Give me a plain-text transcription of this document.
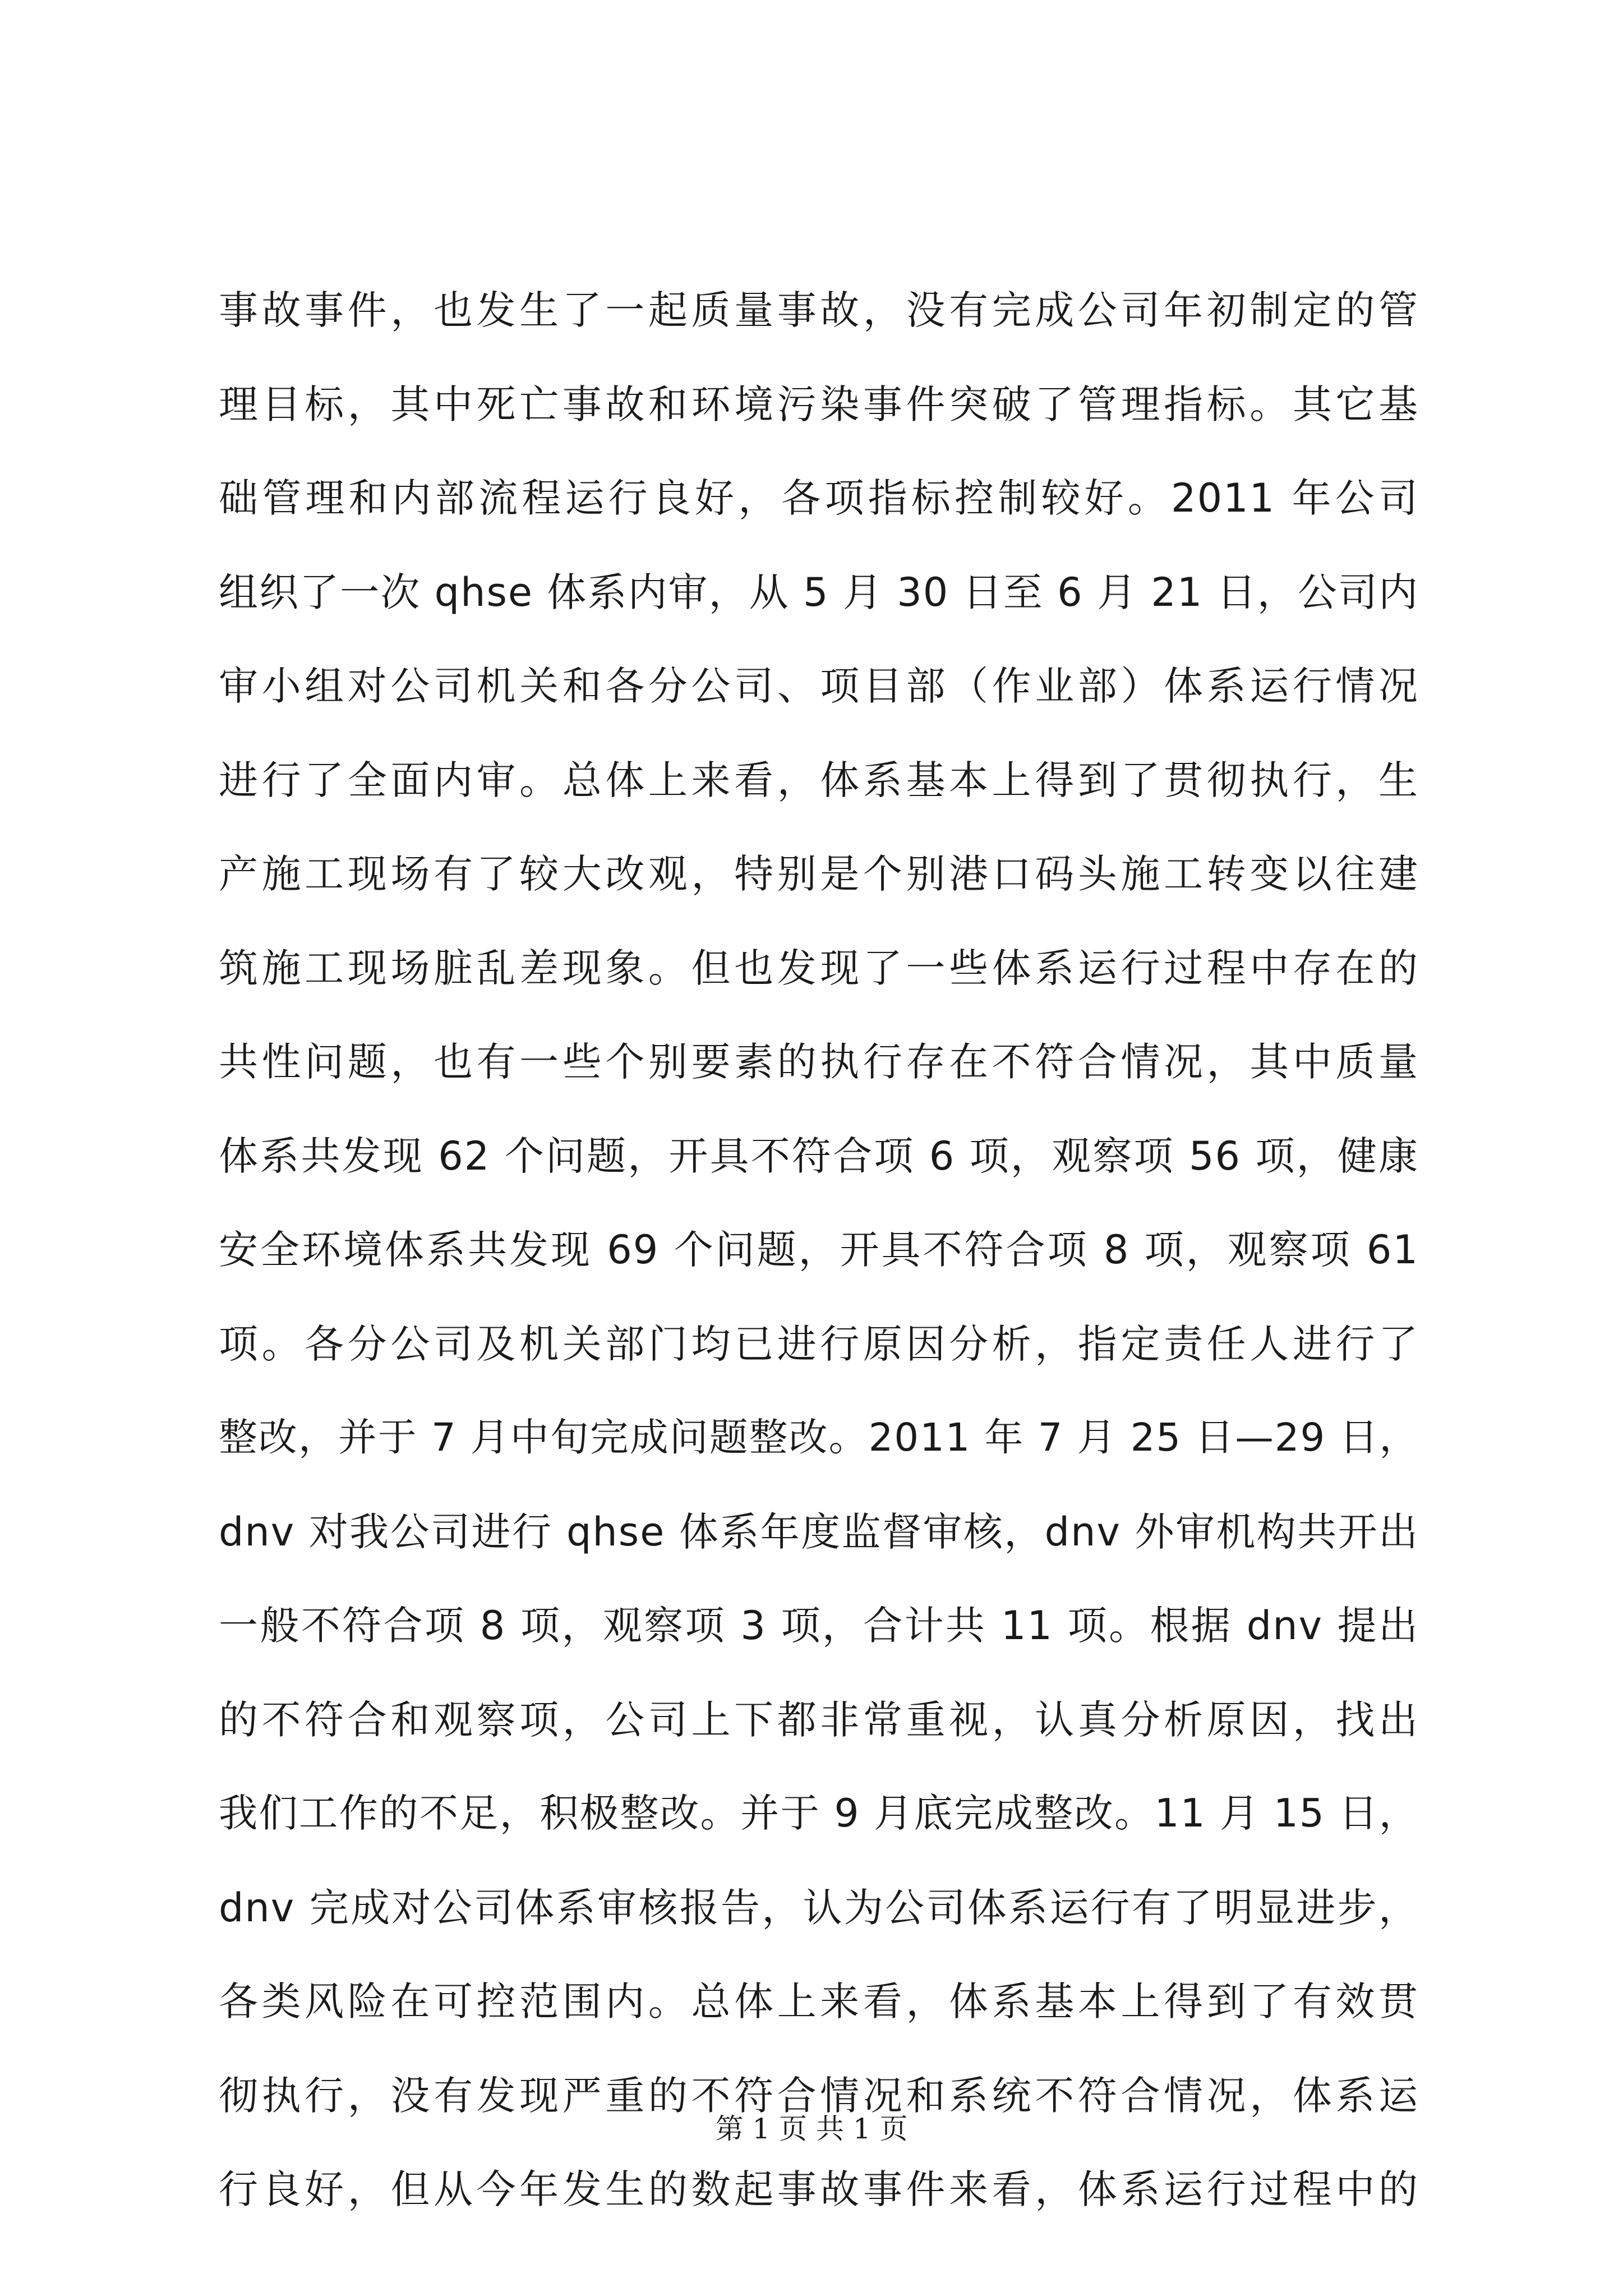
事故事件，也发生了一起质量事故，没有完成公司年初制定的管
理目标，其中死亡事故和环境污染事件突破了管理指标。其它基
础管理和内部流程运行良好，各项指标控制较好。2011 年公司
组织了一次 qhse 体系内审，从 5 月 30 日至 6 月 21 日，公司内
审小组对公司机关和各分公司、项目部（作业部）体系运行情况
进行了全面内审。总体上来看，体系基本上得到了贯彻执行，生
产施工现场有了较大改观，特别是个别港口码头施工转变以往建
筑施工现场脏乱差现象。但也发现了一些体系运行过程中存在的
共性问题，也有一些个别要素的执行存在不符合情况，其中质量
体系共发现 62 个问题，开具不符合项 6 项，观察项 56 项，健康
安全环境体系共发现 69 个问题，开具不符合项 8 项，观察项 61
项。各分公司及机关部门均已进行原因分析，指定责任人进行了
整改，并于 7 月中旬完成问题整改。2011 年 7 月 25 日—29 日，
dnv 对我公司进行 qhse 体系年度监督审核，dnv 外审机构共开出
一般不符合项 8 项，观察项 3 项，合计共 11 项。根据 dnv 提出
的不符合和观察项，公司上下都非常重视，认真分析原因，找出
我们工作的不足，积极整改。并于 9 月底完成整改。11 月 15 日，
dnv 完成对公司体系审核报告，认为公司体系运行有了明显进步，
各类风险在可控范围内。总体上来看，体系基本上得到了有效贯
彻执行，没有发现严重的不符合情况和系统不符合情况，体系运
行良好，但从今年发生的数起事故事件来看，体系运行过程中的
第 1 页 共 1 页
